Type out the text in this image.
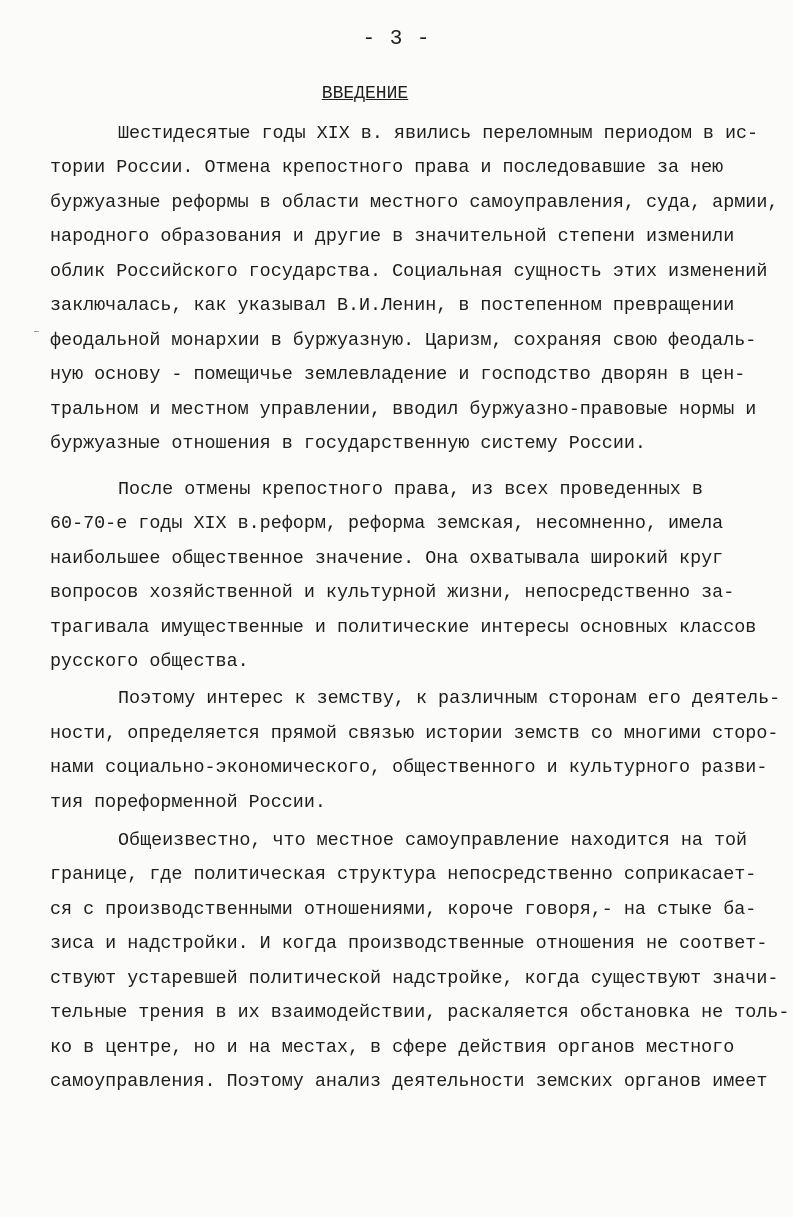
- 3 -
ВВЕДЕНИЕ
Шестидесятые годы XIX в. явились переломным периодом в ис-
тории России. Отмена крепостного права и последовавшие за нею
буржуазные реформы в области местного самоуправления, суда, армии,
народного образования и другие в значительной степени изменили
облик Российского государства. Социальная сущность этих изменений
заключалась, как указывал В.И.Ленин, в постепенном превращении
феодальной монархии в буржуазную. Царизм, сохраняя свою феодаль-
ную основу - помещичье землевладение и господство дворян в цен-
тральном и местном управлении, вводил буржуазно-правовые нормы и
буржуазные отношения в государственную систему России.
После отмены крепостного права, из всех проведенных в
60-70-е годы XIX в.реформ, реформа земская, несомненно, имела
наибольшее общественное значение. Она охватывала широкий круг
вопросов хозяйственной и культурной жизни, непосредственно за-
трагивала имущественные и политические интересы основных классов
русского общества.
Поэтому интерес к земству, к различным сторонам его деятель-
ности, определяется прямой связью истории земств со многими сторо-
нами социально-экономического, общественного и культурного разви-
тия пореформенной России.
Общеизвестно, что местное самоуправление находится на той
границе, где политическая структура непосредственно соприкасает-
ся с производственными отношениями, короче говоря,- на стыке ба-
зиса и надстройки. И когда производственные отношения не соответ-
ствуют устаревшей политической надстройке, когда существуют значи-
тельные трения в их взаимодействии, раскаляется обстановка не толь-
ко в центре, но и на местах, в сфере действия органов местного
самоуправления. Поэтому анализ деятельности земских органов имеет
